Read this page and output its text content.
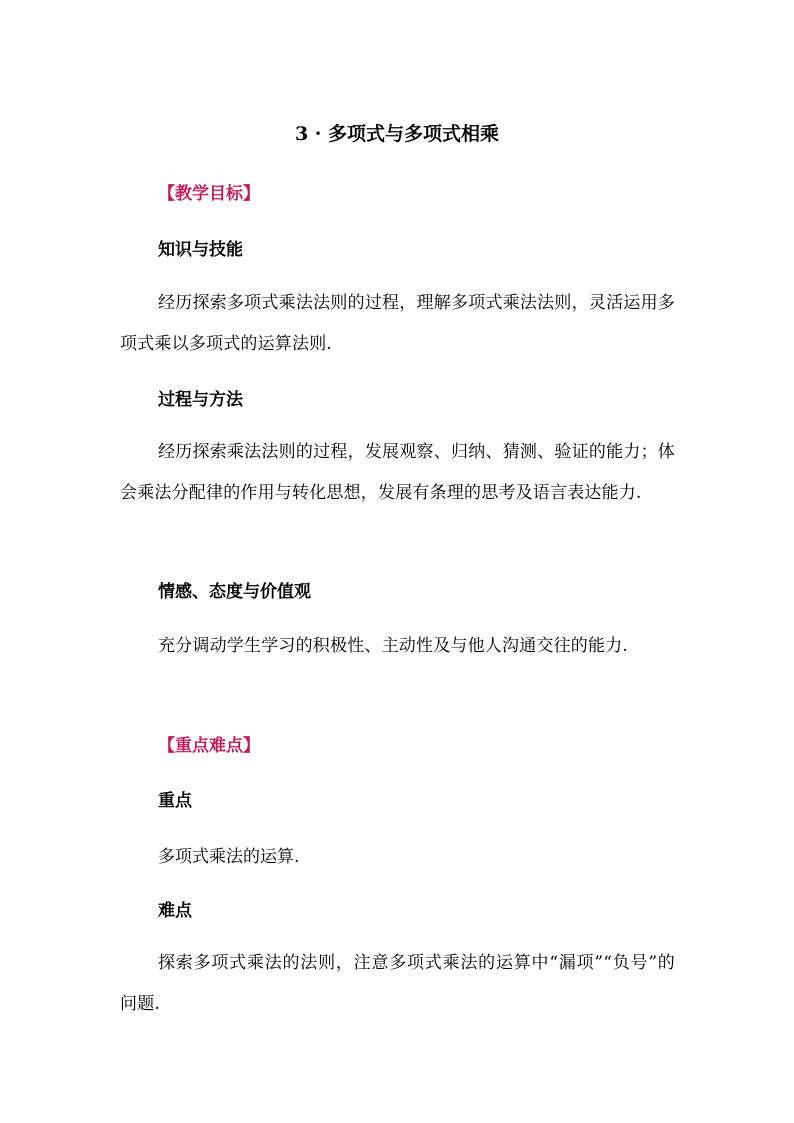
3 · 多项式与多项式相乘
【教学目标】
知识与技能
经历探索多项式乘法法则的过程，理解多项式乘法法则，灵活运用多项式乘以多项式的运算法则.
过程与方法
经历探索乘法法则的过程，发展观察、归纳、猜测、验证的能力；体会乘法分配律的作用与转化思想，发展有条理的思考及语言表达能力.
情感、态度与价值观
充分调动学生学习的积极性、主动性及与他人沟通交往的能力.
【重点难点】
重点
多项式乘法的运算.
难点
探索多项式乘法的法则，注意多项式乘法的运算中“漏项”“负号”的问题.
